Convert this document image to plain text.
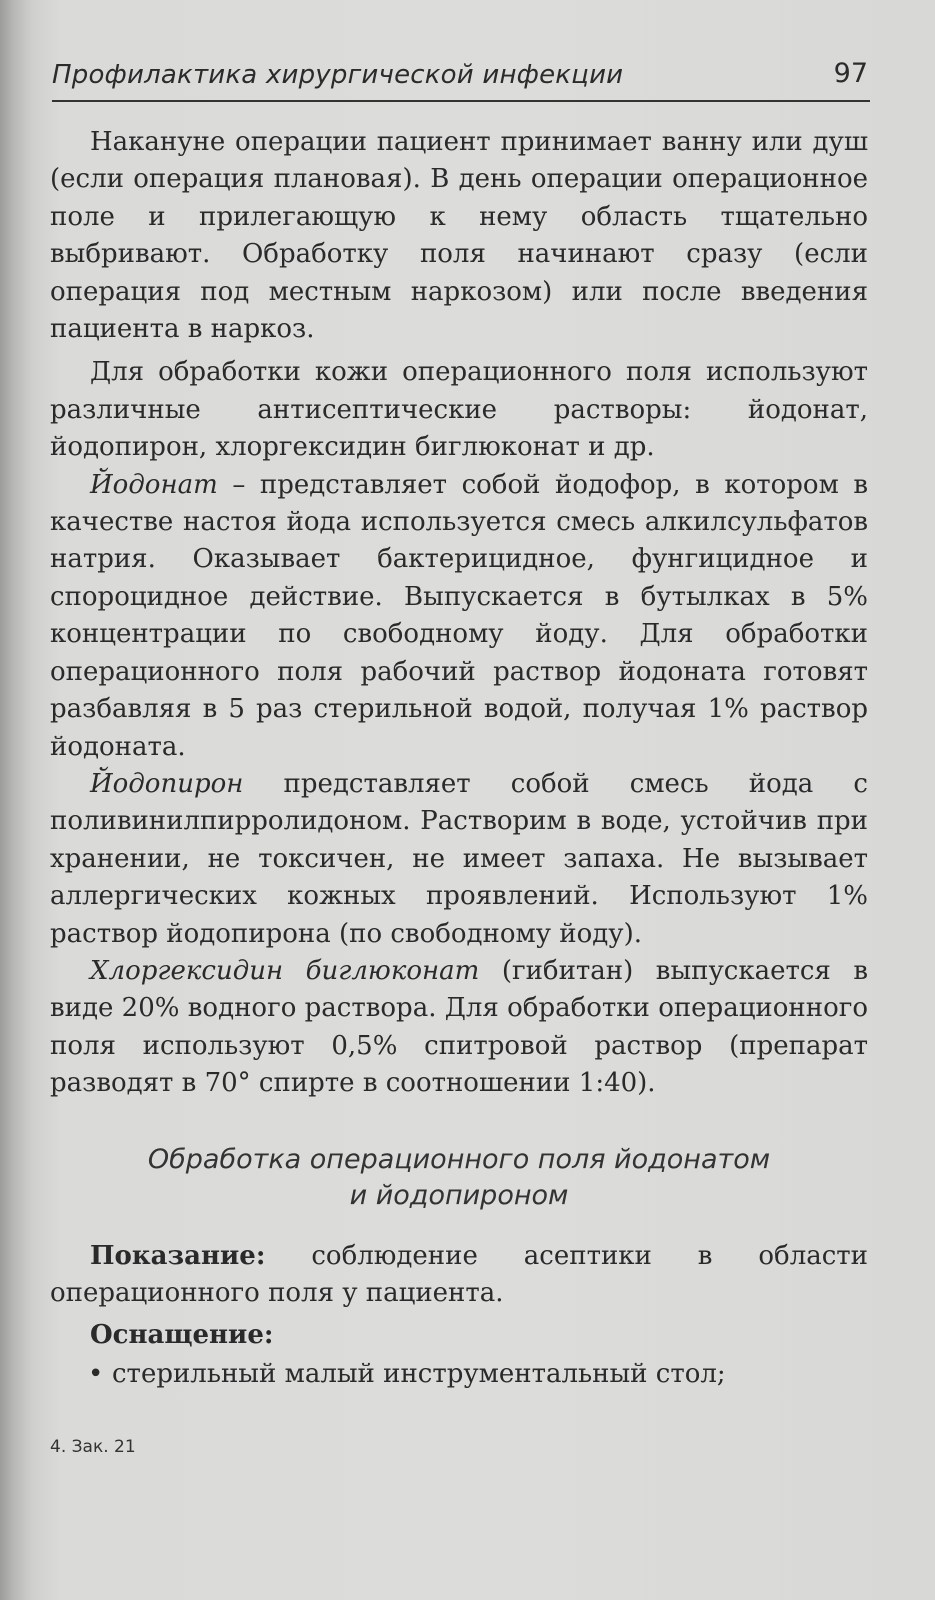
Профилактика хирургической инфекции	97

Накануне операции пациент принимает ванну или душ (если операция плановая). В день операции операционное поле и прилегающую к нему область тщательно выбривают. Обработку поля начинают сразу (если операция под местным наркозом) или после введения пациента в наркоз.

Для обработки кожи операционного поля используют различные антисептические растворы: йодонат, йодопирон, хлоргексидин биглюконат и др.

Йодонат – представляет собой йодофор, в котором в качестве настоя йода используется смесь алкилсульфатов натрия. Оказывает бактерицидное, фунгицидное и спороцидное действие. Выпускается в бутылках в 5% концентрации по свободному йоду. Для обработки операционного поля рабочий раствор йодоната готовят разбавляя в 5 раз стерильной водой, получая 1% раствор йодоната.

Йодопирон представляет собой смесь йода с поливинилпирролидоном. Растворим в воде, устойчив при хранении, не токсичен, не имеет запаха. Не вызывает аллергических кожных проявлений. Используют 1% раствор йодопирона (по свободному йоду).

Хлоргексидин биглюконат (гибитан) выпускается в виде 20% водного раствора. Для обработки операционного поля используют 0,5% спитровой раствор (препарат разводят в 70° спирте в соотношении 1:40).

Обработка операционного поля йодонатом
и йодопироном

Показание: соблюдение асептики в области операционного поля у пациента.

Оснащение:

• стерильный малый инструментальный стол;
4. Зак. 21
